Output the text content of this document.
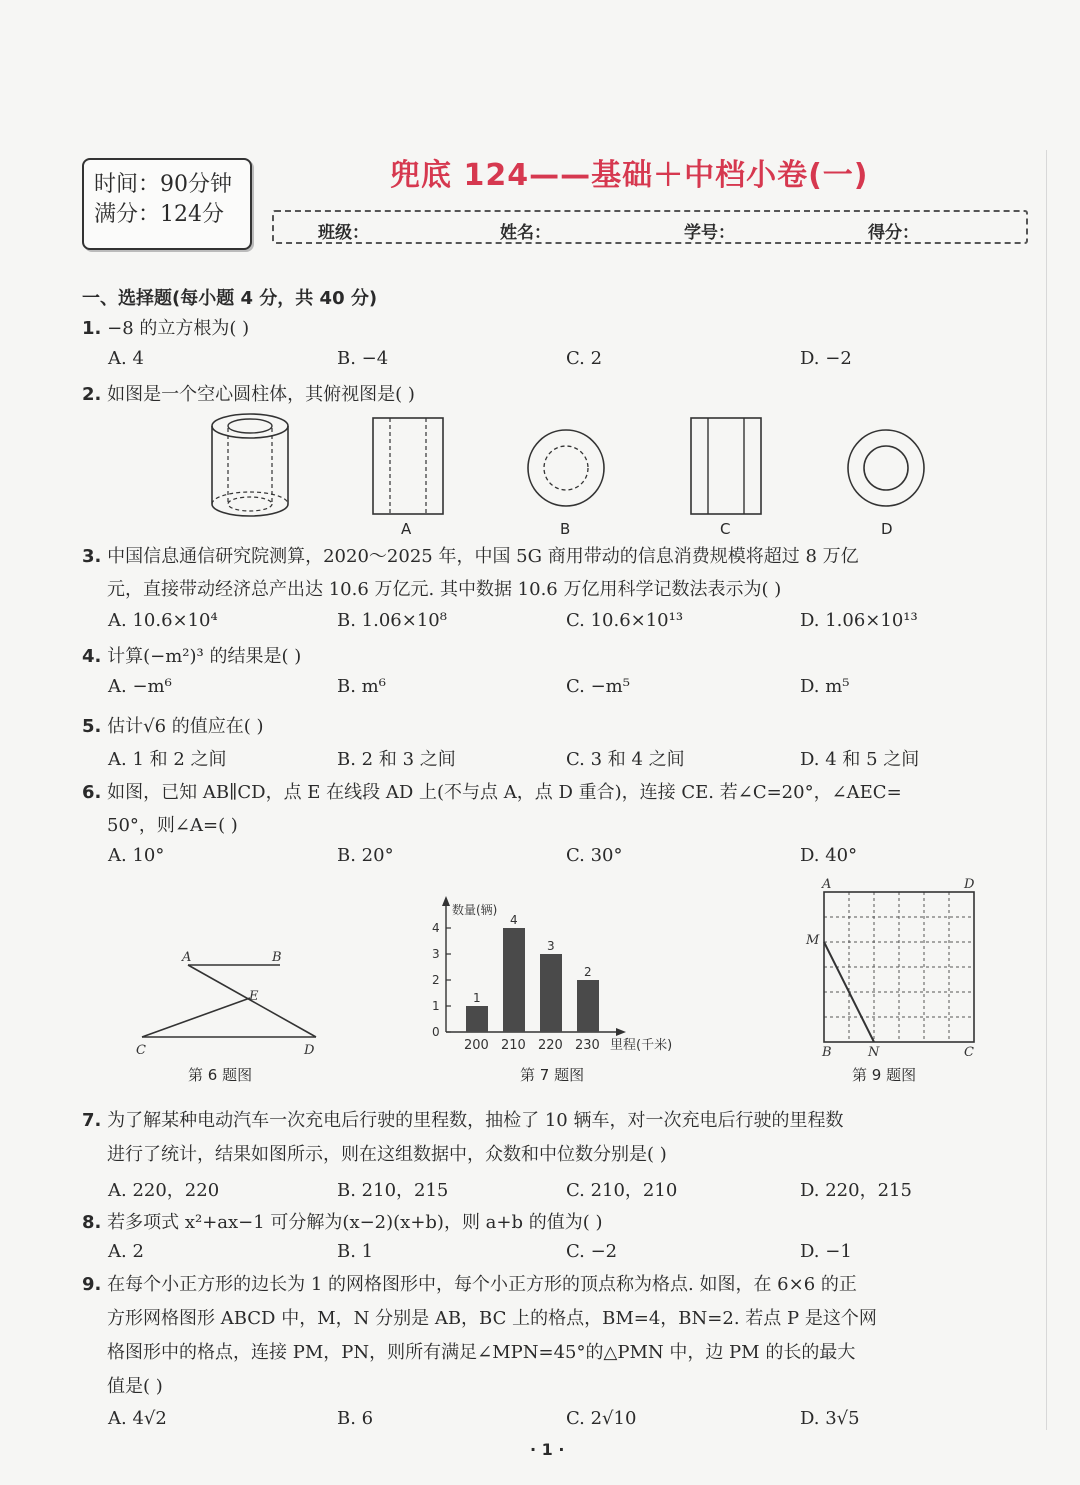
时间：90分钟
满分：124分
兜底 124——基础＋中档小卷(一)
班级：	姓名：	学号：	得分：
一、选择题(每小题 4 分，共 40 分)
1. −8 的立方根为( )
A. 4	B. −4	C. 2	D. −2
2. 如图是一个空心圆柱体，其俯视图是( )
A	B	C	D
3. 中国信息通信研究院测算，2020～2025 年，中国 5G 商用带动的信息消费规模将超过 8 万亿
元，直接带动经济总产出达 10.6 万亿元. 其中数据 10.6 万亿用科学记数法表示为( )
A. 10.6×10⁴	B. 1.06×10⁸	C. 10.6×10¹³	D. 1.06×10¹³
4. 计算(−m²)³ 的结果是( )
A. −m⁶	B. m⁶	C. −m⁵	D. m⁵
5. 估计√6 的值应在( )
A. 1 和 2 之间	B. 2 和 3 之间	C. 3 和 4 之间	D. 4 和 5 之间
6. 如图，已知 AB∥CD，点 E 在线段 AD 上(不与点 A，点 D 重合)，连接 CE. 若∠C=20°，∠AEC=
50°，则∠A=( )
A. 10°	B. 20°	C. 30°	D. 40°
A	B
E
C	D
第 6 题图
数量(辆)
0
1
2
3
4
1
200
4
210
3
220
2
230 里程(千米)
第 7 题图
A	D
M
B	N	C
第 9 题图
7. 为了解某种电动汽车一次充电后行驶的里程数，抽检了 10 辆车，对一次充电后行驶的里程数
进行了统计，结果如图所示，则在这组数据中，众数和中位数分别是( )
A. 220，220	B. 210，215	C. 210，210	D. 220，215
8. 若多项式 x²+ax−1 可分解为(x−2)(x+b)，则 a+b 的值为( )
A. 2	B. 1	C. −2	D. −1
9. 在每个小正方形的边长为 1 的网格图形中，每个小正方形的顶点称为格点. 如图，在 6×6 的正
方形网格图形 ABCD 中，M，N 分别是 AB，BC 上的格点，BM=4，BN=2. 若点 P 是这个网
格图形中的格点，连接 PM，PN，则所有满足∠MPN=45°的△PMN 中，边 PM 的长的最大
值是( )
A. 4√2	B. 6	C. 2√10	D. 3√5
· 1 ·
